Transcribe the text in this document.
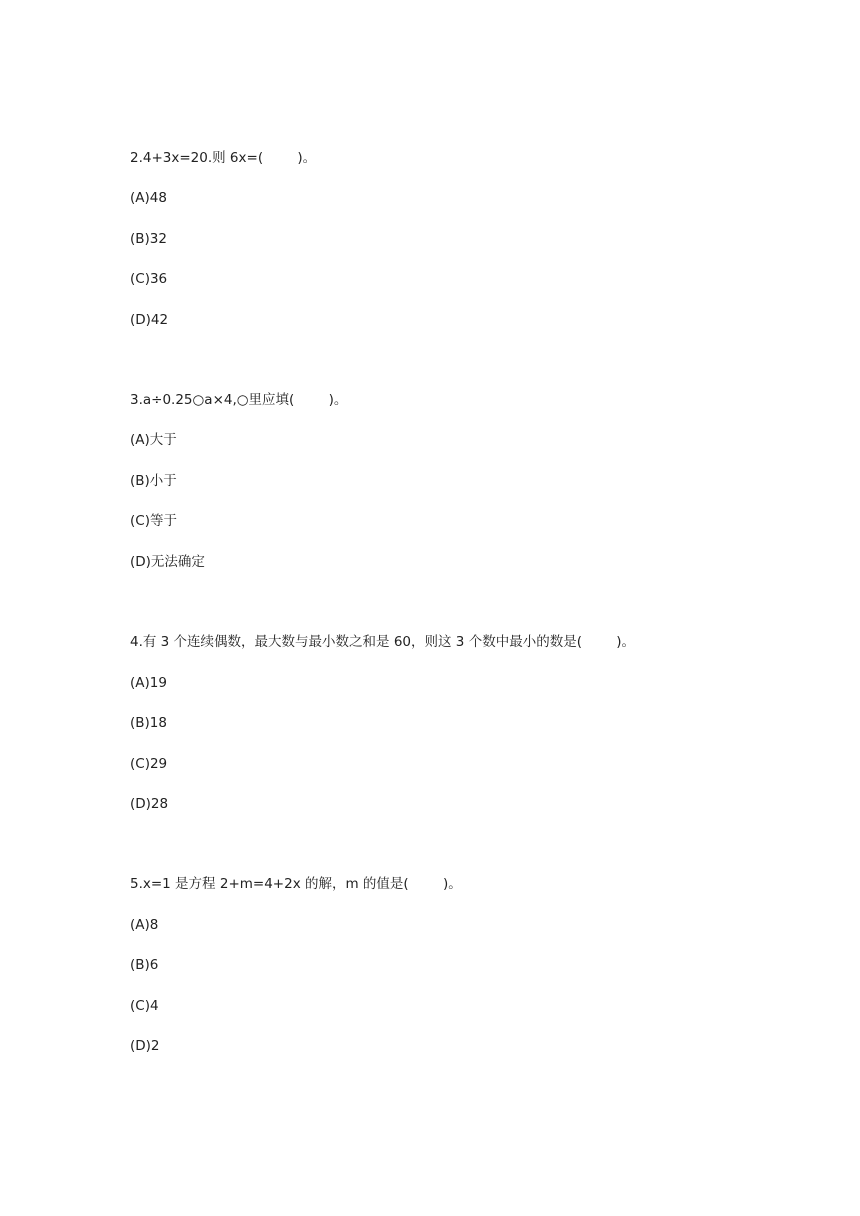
2.4+3x=20.则 6x=(        )。
(A)48
(B)32
(C)36
(D)42
3.a÷0.25○a×4,○里应填(        )。
(A)大于
(B)小于
(C)等于
(D)无法确定
4.有 3 个连续偶数，最大数与最小数之和是 60，则这 3 个数中最小的数是(        )。
(A)19
(B)18
(C)29
(D)28
5.x=1 是方程 2+m=4+2x 的解，m 的值是(        )。
(A)8
(B)6
(C)4
(D)2
